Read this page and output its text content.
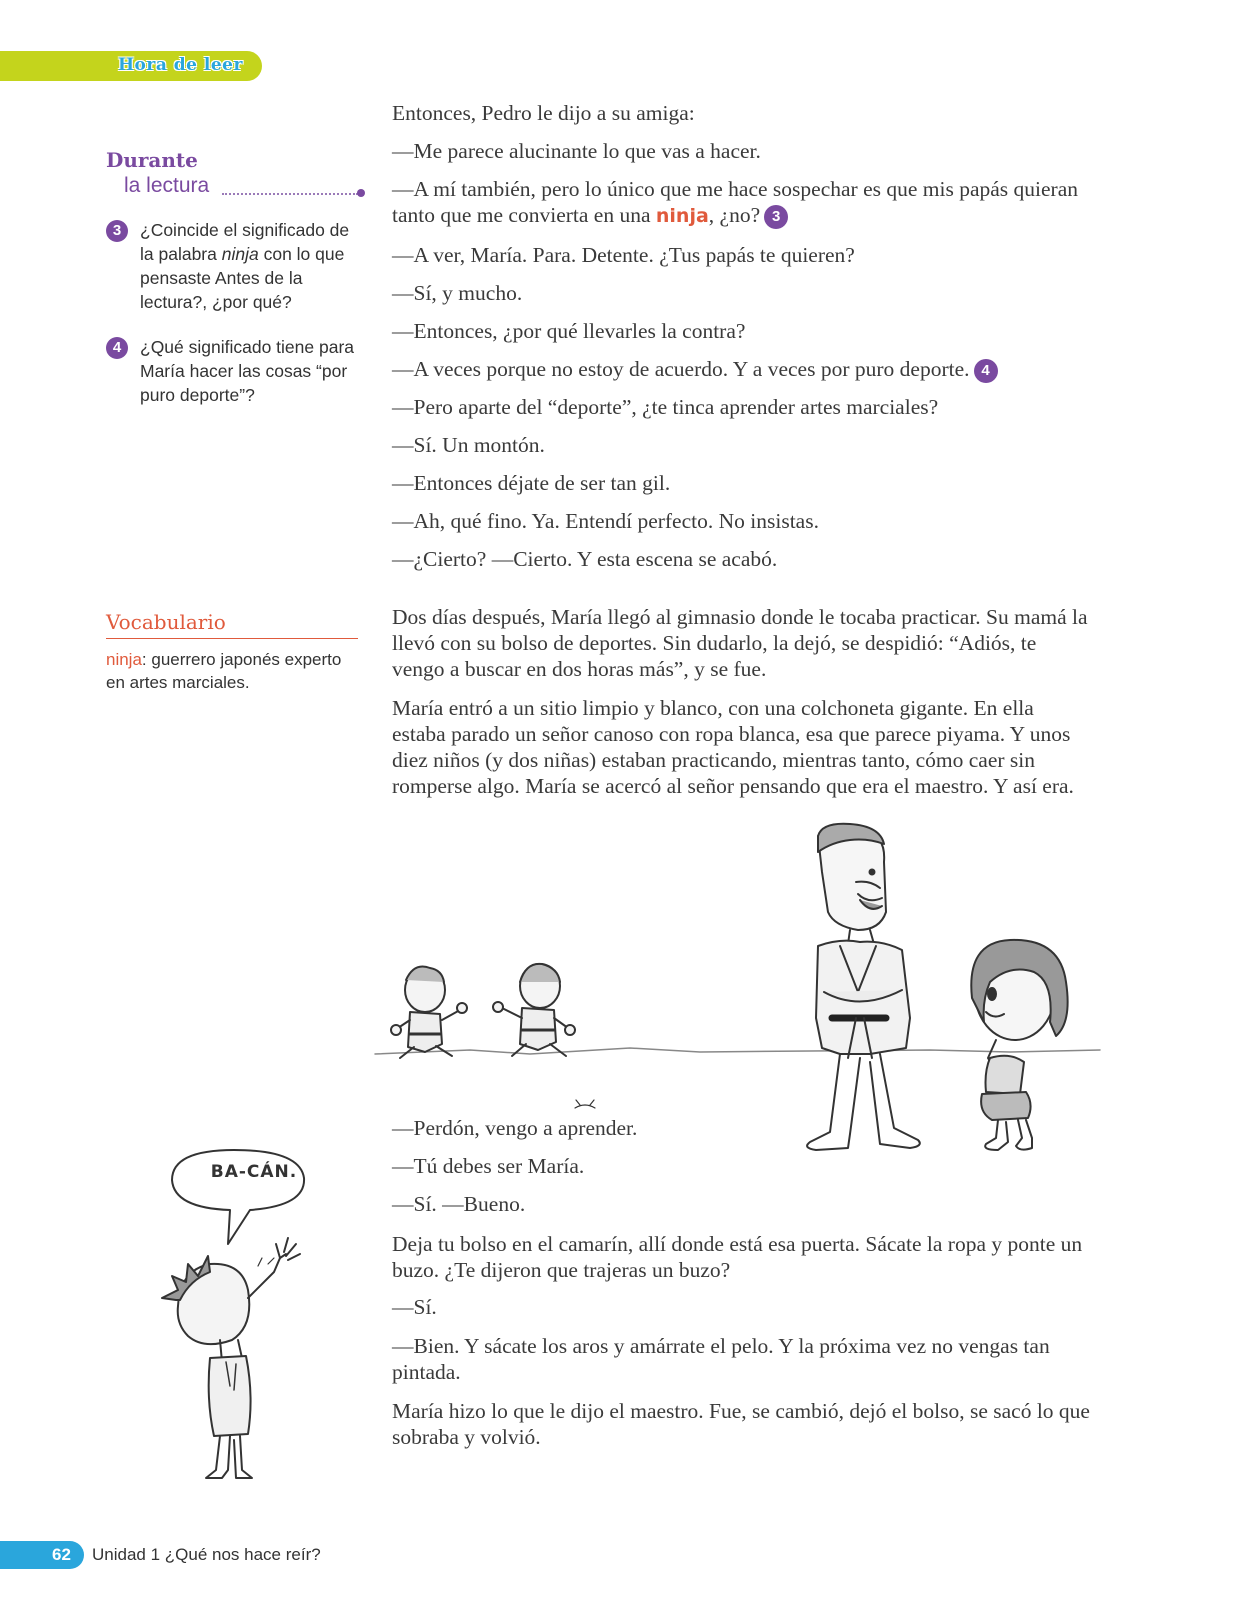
Hora de leer
Durante
la lectura
3	¿Coincide el significado de la palabra ninja con lo que pensaste Antes de la lectura?, ¿por qué?
4	¿Qué significado tiene para María hacer las cosas “por puro deporte”?
Vocabulario
ninja: guerrero japonés experto en artes marciales.

Entonces, Pedro le dijo a su amiga:

—Me parece alucinante lo que vas a hacer.

—A mí también, pero lo único que me hace sospechar es que mis papás quieran tanto que me convierta en una ninja, ¿no? 3

—A ver, María. Para. Detente. ¿Tus papás te quieren?

—Sí, y mucho.

—Entonces, ¿por qué llevarles la contra?

—A veces porque no estoy de acuerdo. Y a veces por puro deporte. 4

—Pero aparte del “deporte”, ¿te tinca aprender artes marciales?

—Sí. Un montón.

—Entonces déjate de ser tan gil.

—Ah, qué fino. Ya. Entendí perfecto. No insistas.

—¿Cierto? —Cierto. Y esta escena se acabó.

Dos días después, María llegó al gimnasio donde le tocaba practicar. Su mamá la llevó con su bolso de deportes. Sin dudarlo, la dejó, se despidió: “Adiós, te vengo a buscar en dos horas más”, y se fue.

María entró a un sitio limpio y blanco, con una colchoneta gigante. En ella estaba parado un señor canoso con ropa blanca, esa que parece piyama. Y unos diez niños (y dos niñas) estaban practicando, mientras tanto, cómo caer sin romperse algo. María se acercó al señor pensando que era el maestro. Y así era.

—Perdón, vengo a aprender.

—Tú debes ser María.

—Sí. —Bueno.

Deja tu bolso en el camarín, allí donde está esa puerta. Sácate la ropa y ponte un buzo. ¿Te dijeron que trajeras un buzo?

—Sí.

—Bien. Y sácate los aros y amárrate el pelo. Y la próxima vez no vengas tan pintada.

María hizo lo que le dijo el maestro. Fue, se cambió, dejó el bolso, se sacó lo que sobraba y volvió.

BA-CÁN.
62 Unidad 1 ¿Qué nos hace reír?
